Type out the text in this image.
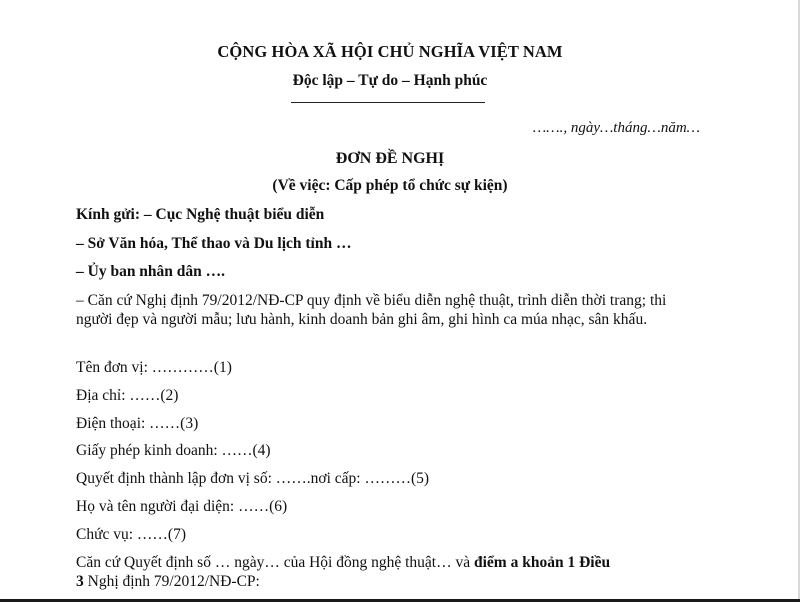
CỘNG HÒA XÃ HỘI CHỦ NGHĨA VIỆT NAM
Độc lập – Tự do – Hạnh phúc
……., ngày…tháng…năm…
ĐƠN ĐỀ NGHỊ
(Về việc: Cấp phép tổ chức sự kiện)
Kính gửi: – Cục Nghệ thuật biểu diễn
– Sở Văn hóa, Thể thao và Du lịch tỉnh …
– Ủy ban nhân dân ….
– Căn cứ Nghị định 79/2012/NĐ-CP quy định về biểu diễn nghệ thuật, trình diễn thời trang; thi người đẹp và người mẫu; lưu hành, kinh doanh bản ghi âm, ghi hình ca múa nhạc, sân khấu.
Tên đơn vị: …………(1)
Địa chỉ: ……(2)
Điện thoại: ……(3)
Giấy phép kinh doanh: ……(4)
Quyết định thành lập đơn vị số: …….nơi cấp: ………(5)
Họ và tên người đại diện: ……(6)
Chức vụ: ……(7)
Căn cứ Quyết định số … ngày… của Hội đồng nghệ thuật… và điểm a khoản 1 Điều
3 Nghị định 79/2012/NĐ-CP:
